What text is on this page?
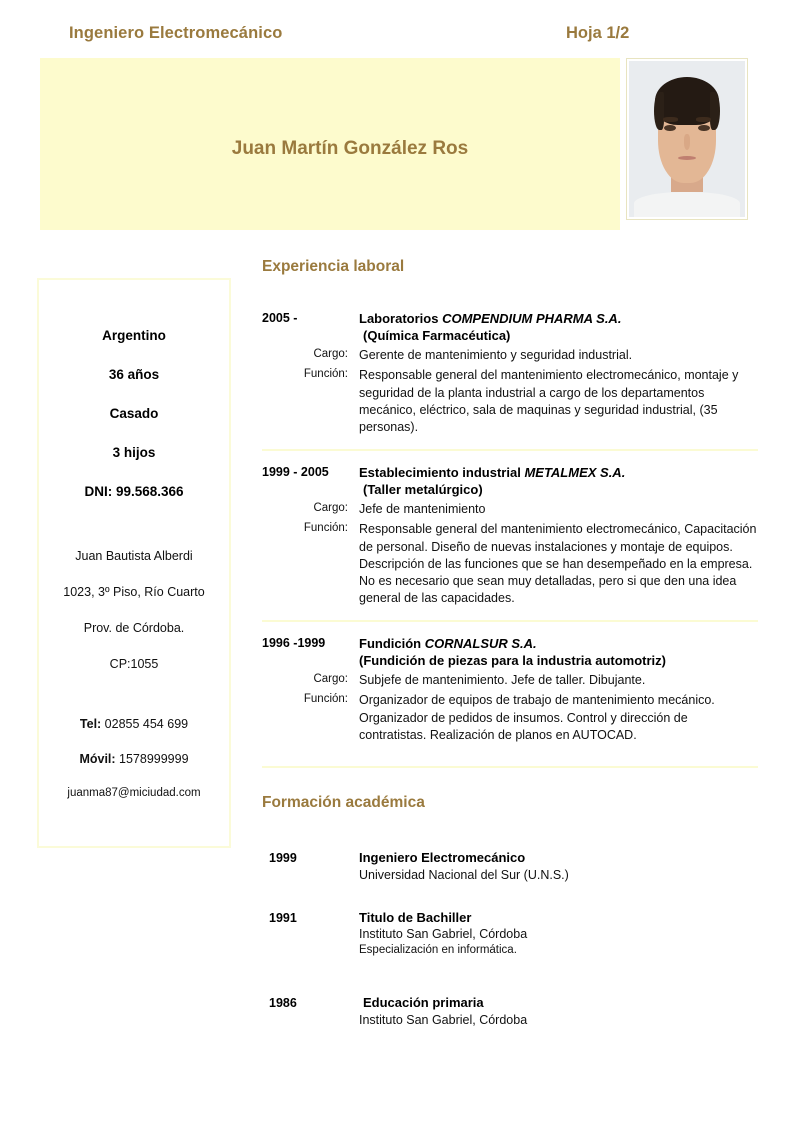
Ingeniero Electromecánico	Hoja 1/2
Juan Martín González Ros
Argentino
36 años
Casado
3 hijos
DNI: 99.568.366
Juan Bautista Alberdi
1023, 3º Piso, Río Cuarto
Prov. de Córdoba.
CP:1055
Tel: 02855 454 699
Móvil: 1578999999
juanma87@miciudad.com
Experiencia laboral
2005 -	Laboratorios COMPENDIUM PHARMA S.A.
(Química Farmacéutica)
Cargo: Gerente de mantenimiento y seguridad industrial.
Función: Responsable general del mantenimiento electromecánico, montaje y seguridad de la planta industrial a cargo de los departamentos mecánico, eléctrico, sala de maquinas y seguridad industrial, (35 personas).
1999 - 2005	Establecimiento industrial METALMEX S.A.
(Taller metalúrgico)
Cargo: Jefe de mantenimiento
Función: Responsable general del mantenimiento electromecánico, Capacitación de personal. Diseño de nuevas instalaciones y montaje de equipos. Descripción de las funciones que se han desempeñado en la empresa. No es necesario que sean muy detalladas, pero si que den una idea general de las capacidades.
1996 -1999	Fundición CORNALSUR S.A.
(Fundición de piezas para la industria automotriz)
Cargo: Subjefe de mantenimiento. Jefe de taller. Dibujante.
Función: Organizador de equipos de trabajo de mantenimiento mecánico. Organizador de pedidos de insumos. Control y dirección de contratistas. Realización de planos en AUTOCAD.
Formación académica
1999	Ingeniero Electromecánico
Universidad Nacional del Sur (U.N.S.)
1991	Titulo de Bachiller
Instituto San Gabriel, Córdoba
Especialización en informática.
1986	Educación primaria
Instituto San Gabriel, Córdoba
